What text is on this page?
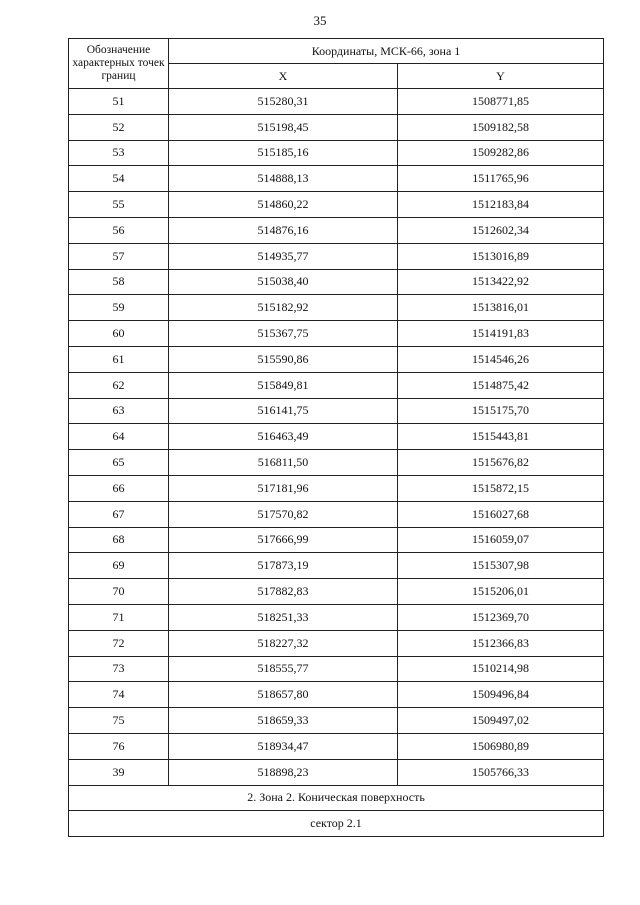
35
Обозначение характерных точек границ	Координаты, МСК-66, зона 1	
	X	Y
51	515280,31	1508771,85
52	515198,45	1509182,58
53	515185,16	1509282,86
54	514888,13	1511765,96
55	514860,22	1512183,84
56	514876,16	1512602,34
57	514935,77	1513016,89
58	515038,40	1513422,92
59	515182,92	1513816,01
60	515367,75	1514191,83
61	515590,86	1514546,26
62	515849,81	1514875,42
63	516141,75	1515175,70
64	516463,49	1515443,81
65	516811,50	1515676,82
66	517181,96	1515872,15
67	517570,82	1516027,68
68	517666,99	1516059,07
69	517873,19	1515307,98
70	517882,83	1515206,01
71	518251,33	1512369,70
72	518227,32	1512366,83
73	518555,77	1510214,98
74	518657,80	1509496,84
75	518659,33	1509497,02
76	518934,47	1506980,89
39	518898,23	1505766,33
2. Зона 2. Коническая поверхность		
сектор 2.1		
